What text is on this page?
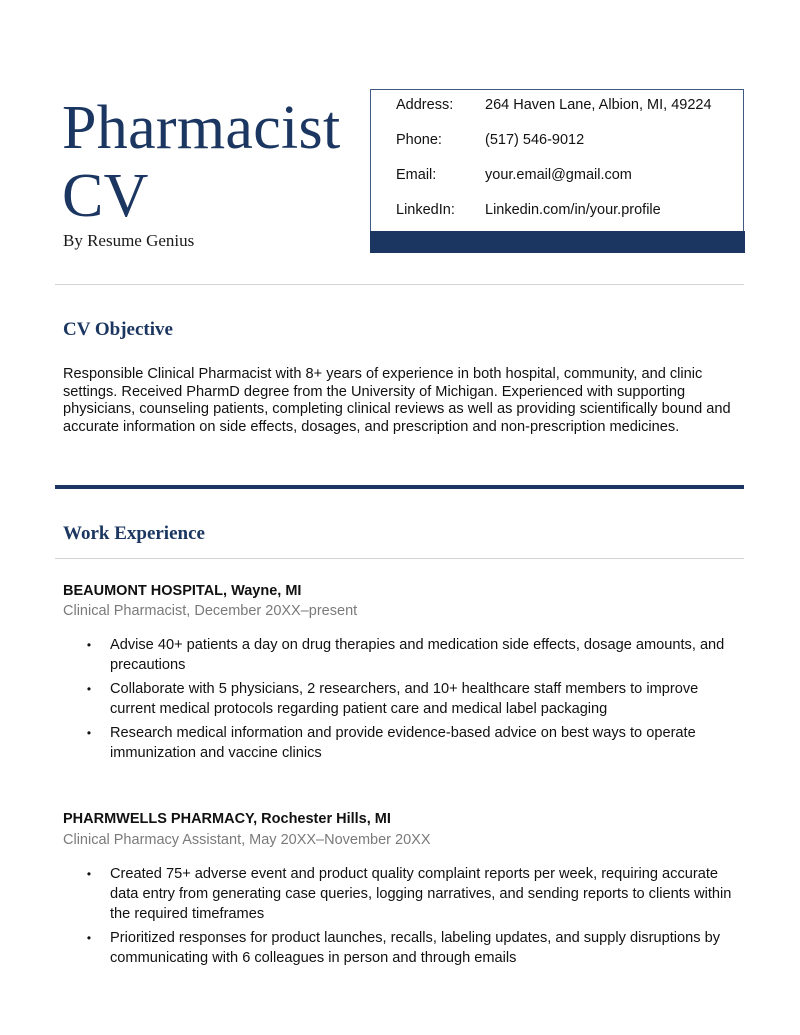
Pharmacist
CV
By Resume Genius
Address:	264 Haven Lane, Albion, MI, 49224
Phone:	(517) 546-9012
Email:	your.email@gmail.com
LinkedIn:	Linkedin.com/in/your.profile
CV Objective
Responsible Clinical Pharmacist with 8+ years of experience in both hospital, community, and clinic settings. Received PharmD degree from the University of Michigan. Experienced with supporting physicians, counseling patients, completing clinical reviews as well as providing scientifically bound and accurate information on side effects, dosages, and prescription and non-prescription medicines.
Work Experience
BEAUMONT HOSPITAL, Wayne, MI
Clinical Pharmacist, December 20XX–present
• Advise 40+ patients a day on drug therapies and medication side effects, dosage amounts, and precautions
• Collaborate with 5 physicians, 2 researchers, and 10+ healthcare staff members to improve current medical protocols regarding patient care and medical label packaging
• Research medical information and provide evidence-based advice on best ways to operate immunization and vaccine clinics
PHARMWELLS PHARMACY, Rochester Hills, MI
Clinical Pharmacy Assistant, May 20XX–November 20XX
• Created 75+ adverse event and product quality complaint reports per week, requiring accurate data entry from generating case queries, logging narratives, and sending reports to clients within the required timeframes
• Prioritized responses for product launches, recalls, labeling updates, and supply disruptions by communicating with 6 colleagues in person and through emails
